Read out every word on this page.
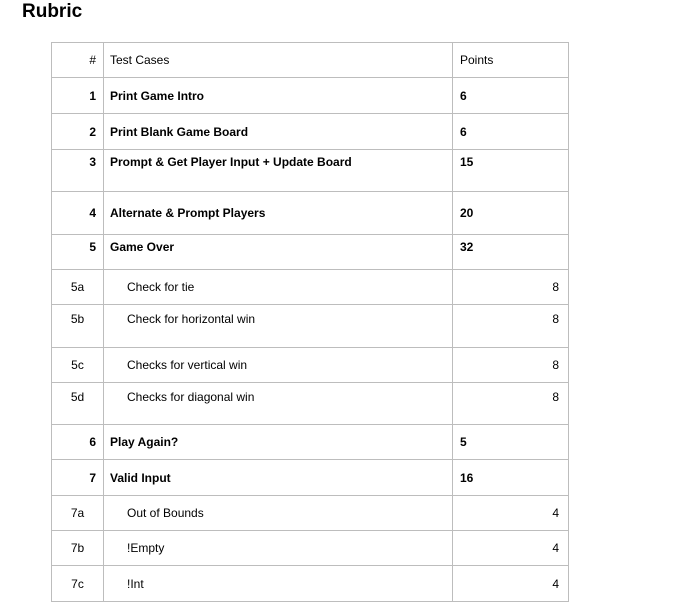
Rubric
#	Test Cases	Points
1	Print Game Intro	6
2	Print Blank Game Board	6
3	Prompt & Get Player Input + Update Board	15
4	Alternate & Prompt Players	20
5	Game Over	32
5a	Check for tie	8
5b	Check for horizontal win	8
5c	Checks for vertical win	8
5d	Checks for diagonal win	8
6	Play Again?	5
7	Valid Input	16
7a	Out of Bounds	4
7b	!Empty	4
7c	!Int	4
